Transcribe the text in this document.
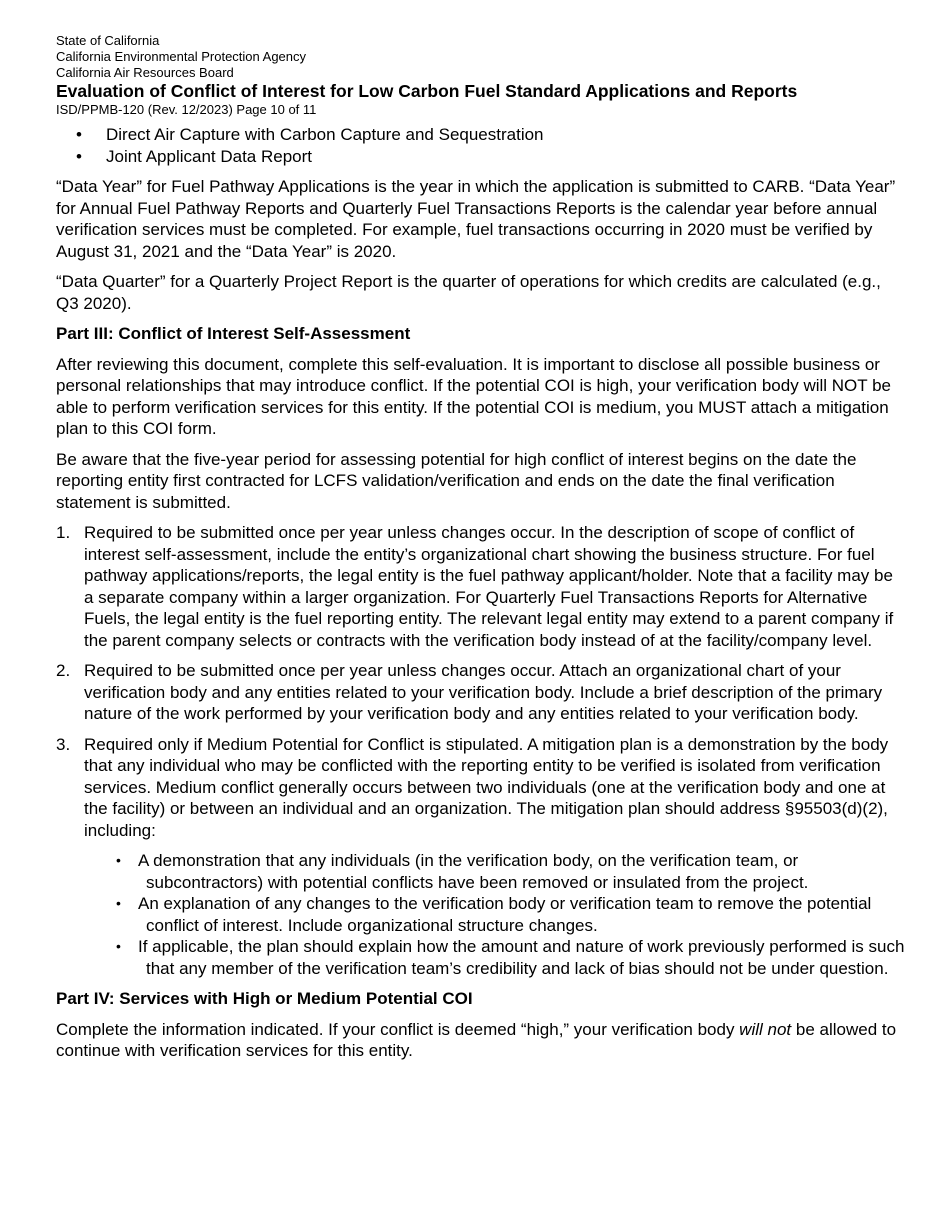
State of California
California Environmental Protection Agency
California Air Resources Board
Evaluation of Conflict of Interest for Low Carbon Fuel Standard Applications and Reports
ISD/PPMB-120 (Rev. 12/2023) Page 10 of 11
• Direct Air Capture with Carbon Capture and Sequestration
• Joint Applicant Data Report

“Data Year” for Fuel Pathway Applications is the year in which the application is submitted to CARB. “Data Year” for Annual Fuel Pathway Reports and Quarterly Fuel Transactions Reports is the calendar year before annual verification services must be completed. For example, fuel transactions occurring in 2020 must be verified by August 31, 2021 and the “Data Year” is 2020.

“Data Quarter” for a Quarterly Project Report is the quarter of operations for which credits are calculated (e.g., Q3 2020).

Part III: Conflict of Interest Self-Assessment

After reviewing this document, complete this self-evaluation. It is important to disclose all possible business or personal relationships that may introduce conflict. If the potential COI is high, your verification body will NOT be able to perform verification services for this entity. If the potential COI is medium, you MUST attach a mitigation plan to this COI form.

Be aware that the five-year period for assessing potential for high conflict of interest begins on the date the reporting entity first contracted for LCFS validation/verification and ends on the date the final verification statement is submitted.

1. Required to be submitted once per year unless changes occur. In the description of scope of conflict of interest self-assessment, include the entity’s organizational chart showing the business structure. For fuel pathway applications/reports, the legal entity is the fuel pathway applicant/holder. Note that a facility may be a separate company within a larger organization. For Quarterly Fuel Transactions Reports for Alternative Fuels, the legal entity is the fuel reporting entity. The relevant legal entity may extend to a parent company if the parent company selects or contracts with the verification body instead of at the facility/company level.
2. Required to be submitted once per year unless changes occur. Attach an organizational chart of your verification body and any entities related to your verification body. Include a brief description of the primary nature of the work performed by your verification body and any entities related to your verification body.
3. Required only if Medium Potential for Conflict is stipulated. A mitigation plan is a demonstration by the body that any individual who may be conflicted with the reporting entity to be verified is isolated from verification services. Medium conflict generally occurs between two individuals (one at the verification body and one at the facility) or between an individual and an organization. The mitigation plan should address §95503(d)(2), including:
• A demonstration that any individuals (in the verification body, on the verification team, or subcontractors) with potential conflicts have been removed or insulated from the project.
• An explanation of any changes to the verification body or verification team to remove the potential conflict of interest. Include organizational structure changes.
• If applicable, the plan should explain how the amount and nature of work previously performed is such that any member of the verification team’s credibility and lack of bias should not be under question.
Part IV: Services with High or Medium Potential COI

Complete the information indicated. If your conflict is deemed “high,” your verification body will not be allowed to continue with verification services for this entity.
